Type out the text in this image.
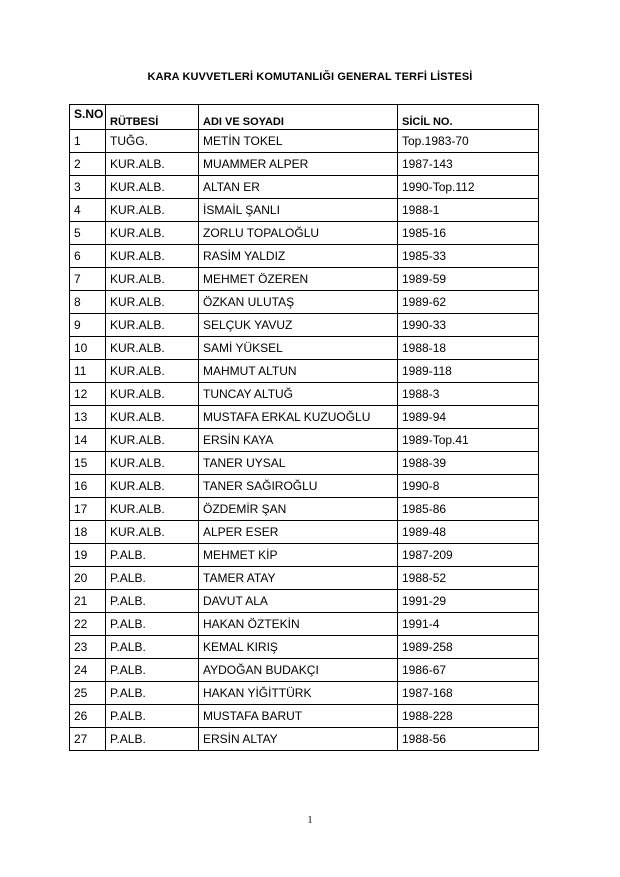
KARA KUVVETLERİ KOMUTANLIĞI GENERAL TERFİ LİSTESİ
S.NO	RÜTBESİ	ADI VE SOYADI	SİCİL NO.
1	TUĞG.	METİN TOKEL	Top.1983-70
2	KUR.ALB.	MUAMMER ALPER	1987-143
3	KUR.ALB.	ALTAN ER	1990-Top.112
4	KUR.ALB.	İSMAİL ŞANLI	1988-1
5	KUR.ALB.	ZORLU TOPALOĞLU	1985-16
6	KUR.ALB.	RASİM YALDIZ	1985-33
7	KUR.ALB.	MEHMET ÖZEREN	1989-59
8	KUR.ALB.	ÖZKAN ULUTAŞ	1989-62
9	KUR.ALB.	SELÇUK YAVUZ	1990-33
10	KUR.ALB.	SAMİ YÜKSEL	1988-18
11	KUR.ALB.	MAHMUT ALTUN	1989-118
12	KUR.ALB.	TUNCAY ALTUĞ	1988-3
13	KUR.ALB.	MUSTAFA ERKAL KUZUOĞLU	1989-94
14	KUR.ALB.	ERSİN KAYA	1989-Top.41
15	KUR.ALB.	TANER UYSAL	1988-39
16	KUR.ALB.	TANER SAĞIROĞLU	1990-8
17	KUR.ALB.	ÖZDEMİR ŞAN	1985-86
18	KUR.ALB.	ALPER ESER	1989-48
19	P.ALB.	MEHMET KİP	1987-209
20	P.ALB.	TAMER ATAY	1988-52
21	P.ALB.	DAVUT ALA	1991-29
22	P.ALB.	HAKAN ÖZTEKİN	1991-4
23	P.ALB.	KEMAL KIRIŞ	1989-258
24	P.ALB.	AYDOĞAN BUDAKÇI	1986-67
25	P.ALB.	HAKAN YİĞİTTÜRK	1987-168
26	P.ALB.	MUSTAFA BARUT	1988-228
27	P.ALB.	ERSİN ALTAY	1988-56
1
